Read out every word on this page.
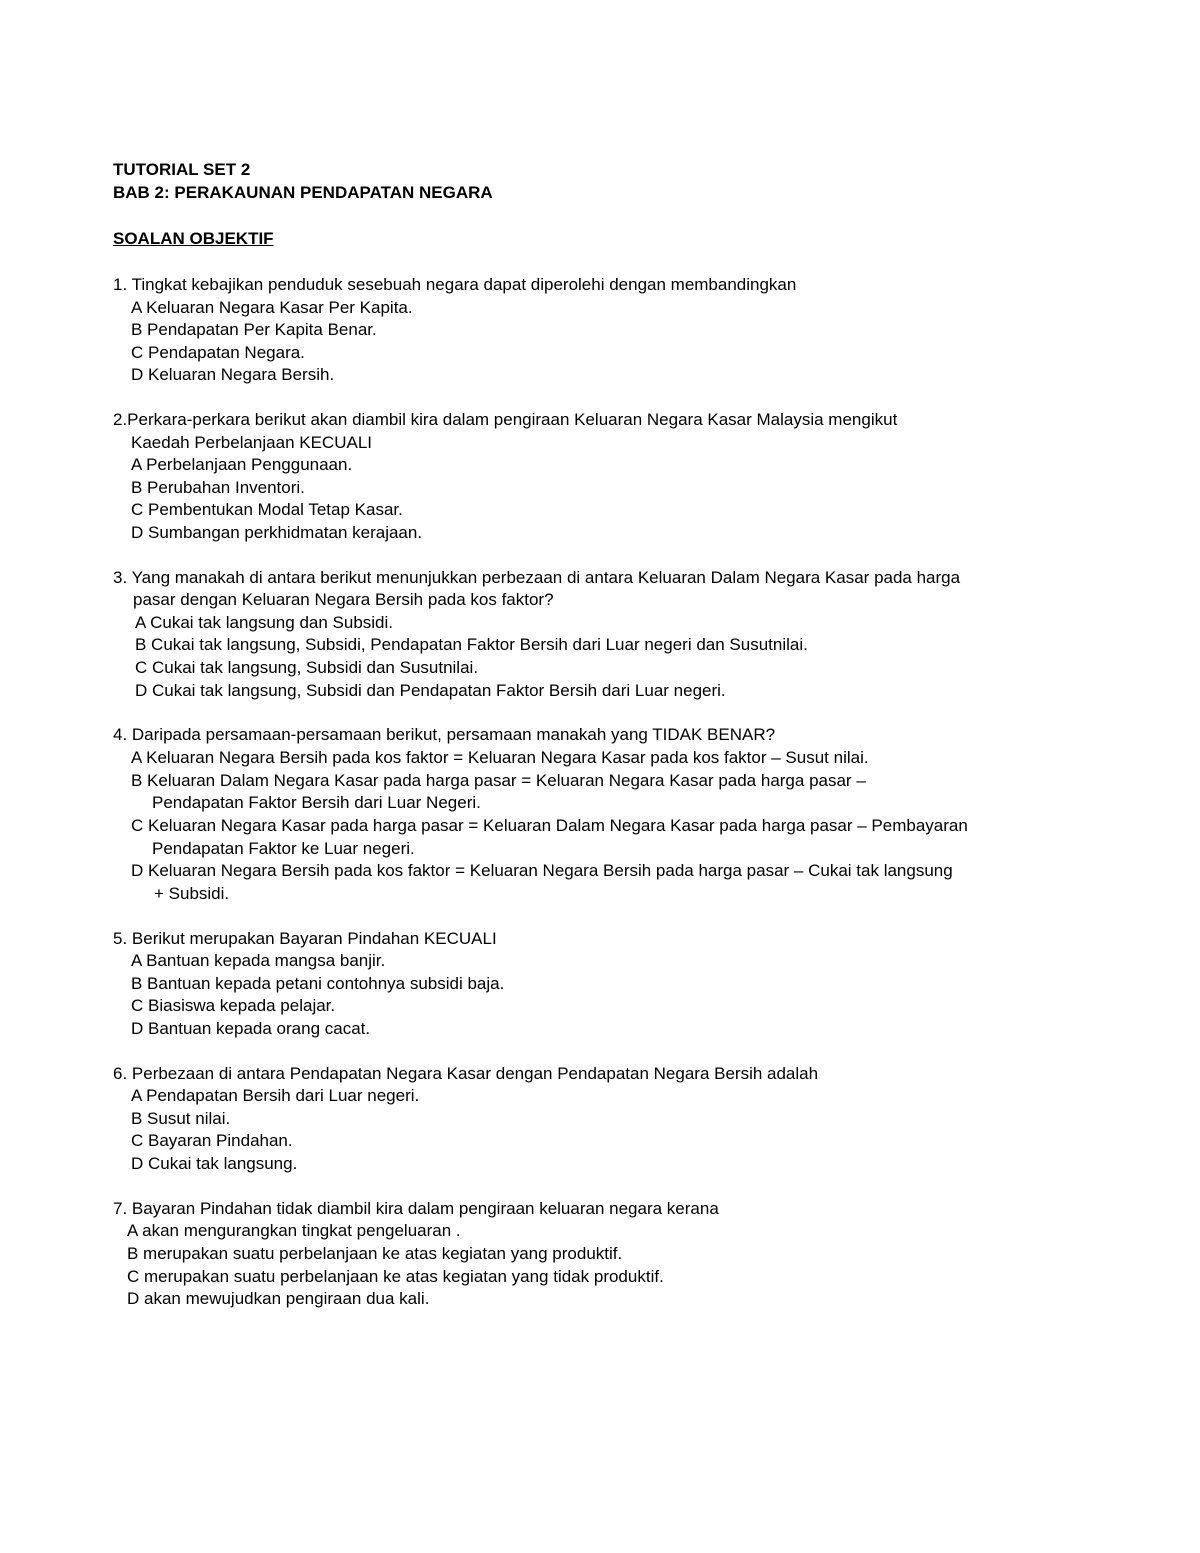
TUTORIAL SET 2
BAB 2: PERAKAUNAN PENDAPATAN NEGARA
SOALAN OBJEKTIF
1. Tingkat kebajikan penduduk sesebuah negara dapat diperolehi dengan membandingkan
A Keluaran Negara Kasar Per Kapita.
B Pendapatan Per Kapita Benar.
C Pendapatan Negara.
D Keluaran Negara Bersih.
2.Perkara-perkara berikut akan diambil kira dalam pengiraan Keluaran Negara Kasar Malaysia mengikut
Kaedah Perbelanjaan KECUALI
A Perbelanjaan Penggunaan.
B Perubahan Inventori.
C Pembentukan Modal Tetap Kasar.
D Sumbangan perkhidmatan kerajaan.
3. Yang manakah di antara berikut menunjukkan perbezaan di antara Keluaran Dalam Negara Kasar pada harga
pasar dengan Keluaran Negara Bersih pada kos faktor?
A Cukai tak langsung dan Subsidi.
B Cukai tak langsung, Subsidi, Pendapatan Faktor Bersih dari Luar negeri dan Susutnilai.
C Cukai tak langsung, Subsidi dan Susutnilai.
D Cukai tak langsung, Subsidi dan Pendapatan Faktor Bersih dari Luar negeri.
4. Daripada persamaan-persamaan berikut, persamaan manakah yang TIDAK BENAR?
A Keluaran Negara Bersih pada kos faktor = Keluaran Negara Kasar pada kos faktor – Susut nilai.
B Keluaran Dalam Negara Kasar pada harga pasar = Keluaran Negara Kasar pada harga pasar –
Pendapatan Faktor Bersih dari Luar Negeri.
C Keluaran Negara Kasar pada harga pasar = Keluaran Dalam Negara Kasar pada harga pasar – Pembayaran
Pendapatan Faktor ke Luar negeri.
D Keluaran Negara Bersih pada kos faktor = Keluaran Negara Bersih pada harga pasar – Cukai tak langsung
+ Subsidi.
5. Berikut merupakan Bayaran Pindahan KECUALI
A Bantuan kepada mangsa banjir.
B Bantuan kepada petani contohnya subsidi baja.
C Biasiswa kepada pelajar.
D Bantuan kepada orang cacat.
6. Perbezaan di antara Pendapatan Negara Kasar dengan Pendapatan Negara Bersih adalah
A Pendapatan Bersih dari Luar negeri.
B Susut nilai.
C Bayaran Pindahan.
D Cukai tak langsung.
7. Bayaran Pindahan tidak diambil kira dalam pengiraan keluaran negara kerana
A akan mengurangkan tingkat pengeluaran .
B merupakan suatu perbelanjaan ke atas kegiatan yang produktif.
C merupakan suatu perbelanjaan ke atas kegiatan yang tidak produktif.
D akan mewujudkan pengiraan dua kali.
